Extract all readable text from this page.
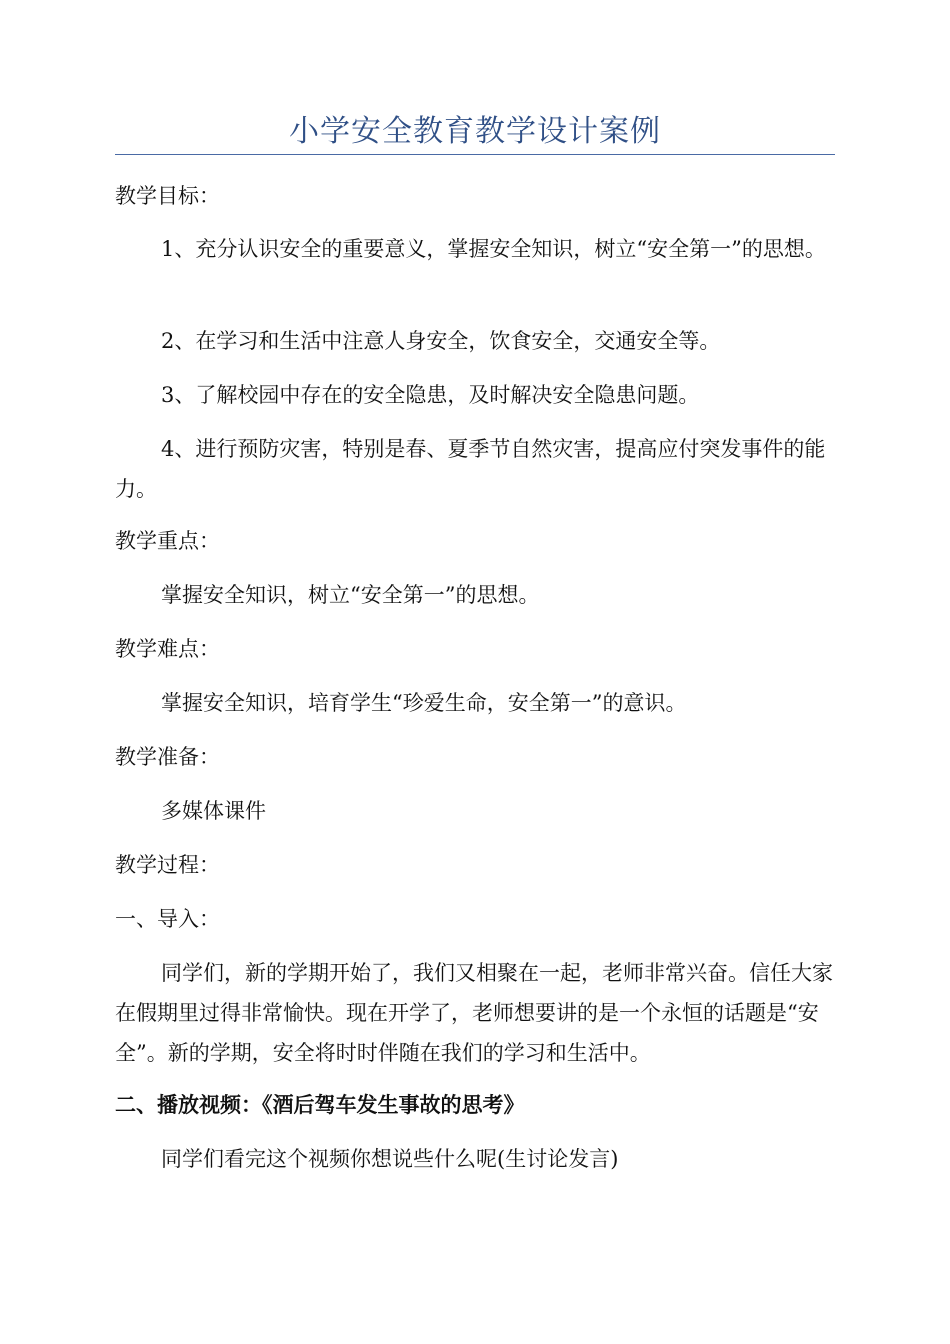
小学安全教育教学设计案例

教学目标：

1、充分认识安全的重要意义，掌握安全知识，树立“安全第一”的思想。

2、在学习和生活中注意人身安全，饮食安全，交通安全等。

3、了解校园中存在的安全隐患，及时解决安全隐患问题。

4、进行预防灾害，特别是春、夏季节自然灾害，提高应付突发事件的能力。

教学重点：

掌握安全知识，树立“安全第一”的思想。

教学难点：

掌握安全知识，培育学生“珍爱生命，安全第一”的意识。

教学准备：

多媒体课件

教学过程：

一、导入：

同学们，新的学期开始了，我们又相聚在一起，老师非常兴奋。信任大家在假期里过得非常愉快。现在开学了，老师想要讲的是一个永恒的话题是“安全”。新的学期，安全将时时伴随在我们的学习和生活中。

二、播放视频：《酒后驾车发生事故的思考》

同学们看完这个视频你想说些什么呢(生讨论发言)
